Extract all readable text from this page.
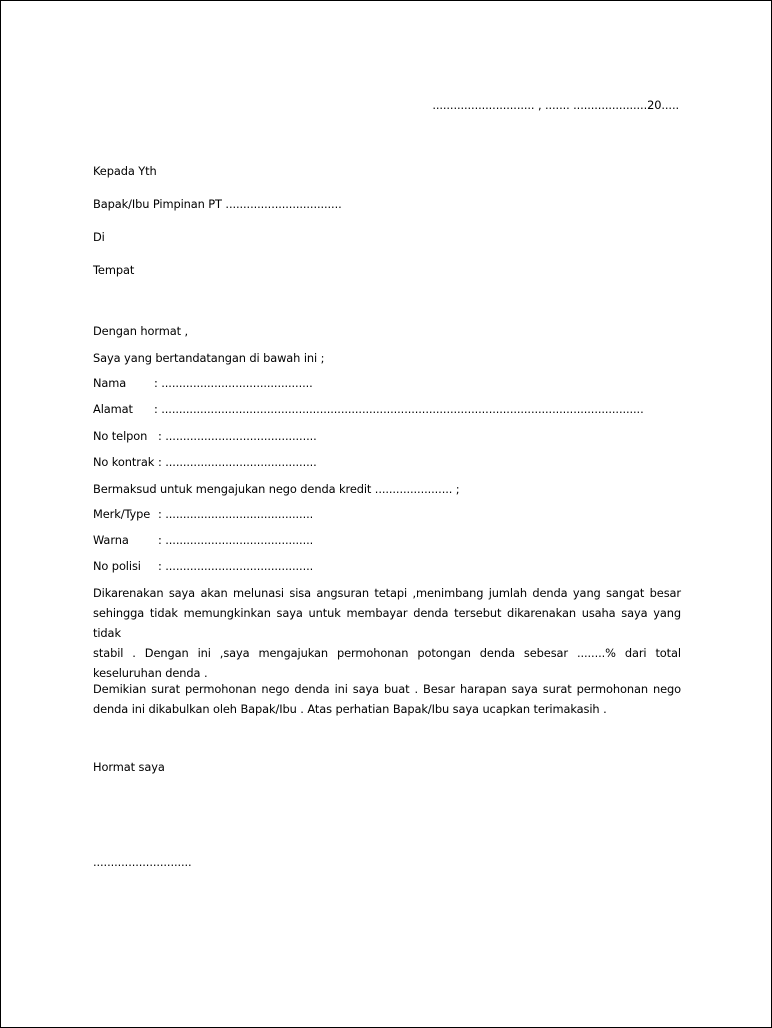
............................. , ....... .....................20.....
Kepada Yth
Bapak/Ibu Pimpinan PT .................................
Di
Tempat
Dengan hormat ,
Saya yang bertandatangan di bawah ini ;
Nama : ...........................................
Alamat : .........................................................................................................................................
No telpon : ...........................................
No kontrak : ...........................................
Bermaksud untuk mengajukan nego denda kredit ...................... ;
Merk/Type : ..........................................
Warna	: ..........................................
No polisi : ..........................................
Dikarenakan saya akan melunasi sisa angsuran tetapi ,menimbang jumlah denda yang sangat besar
sehingga tidak memungkinkan saya untuk membayar denda tersebut dikarenakan usaha saya yang tidak
stabil . Dengan ini ,saya mengajukan permohonan potongan denda sebesar ........% dari total
keseluruhan denda .
Demikian surat permohonan nego denda ini saya buat . Besar harapan saya surat permohonan nego
denda ini dikabulkan oleh Bapak/Ibu . Atas perhatian Bapak/Ibu saya ucapkan terimakasih .
Hormat saya
............................
